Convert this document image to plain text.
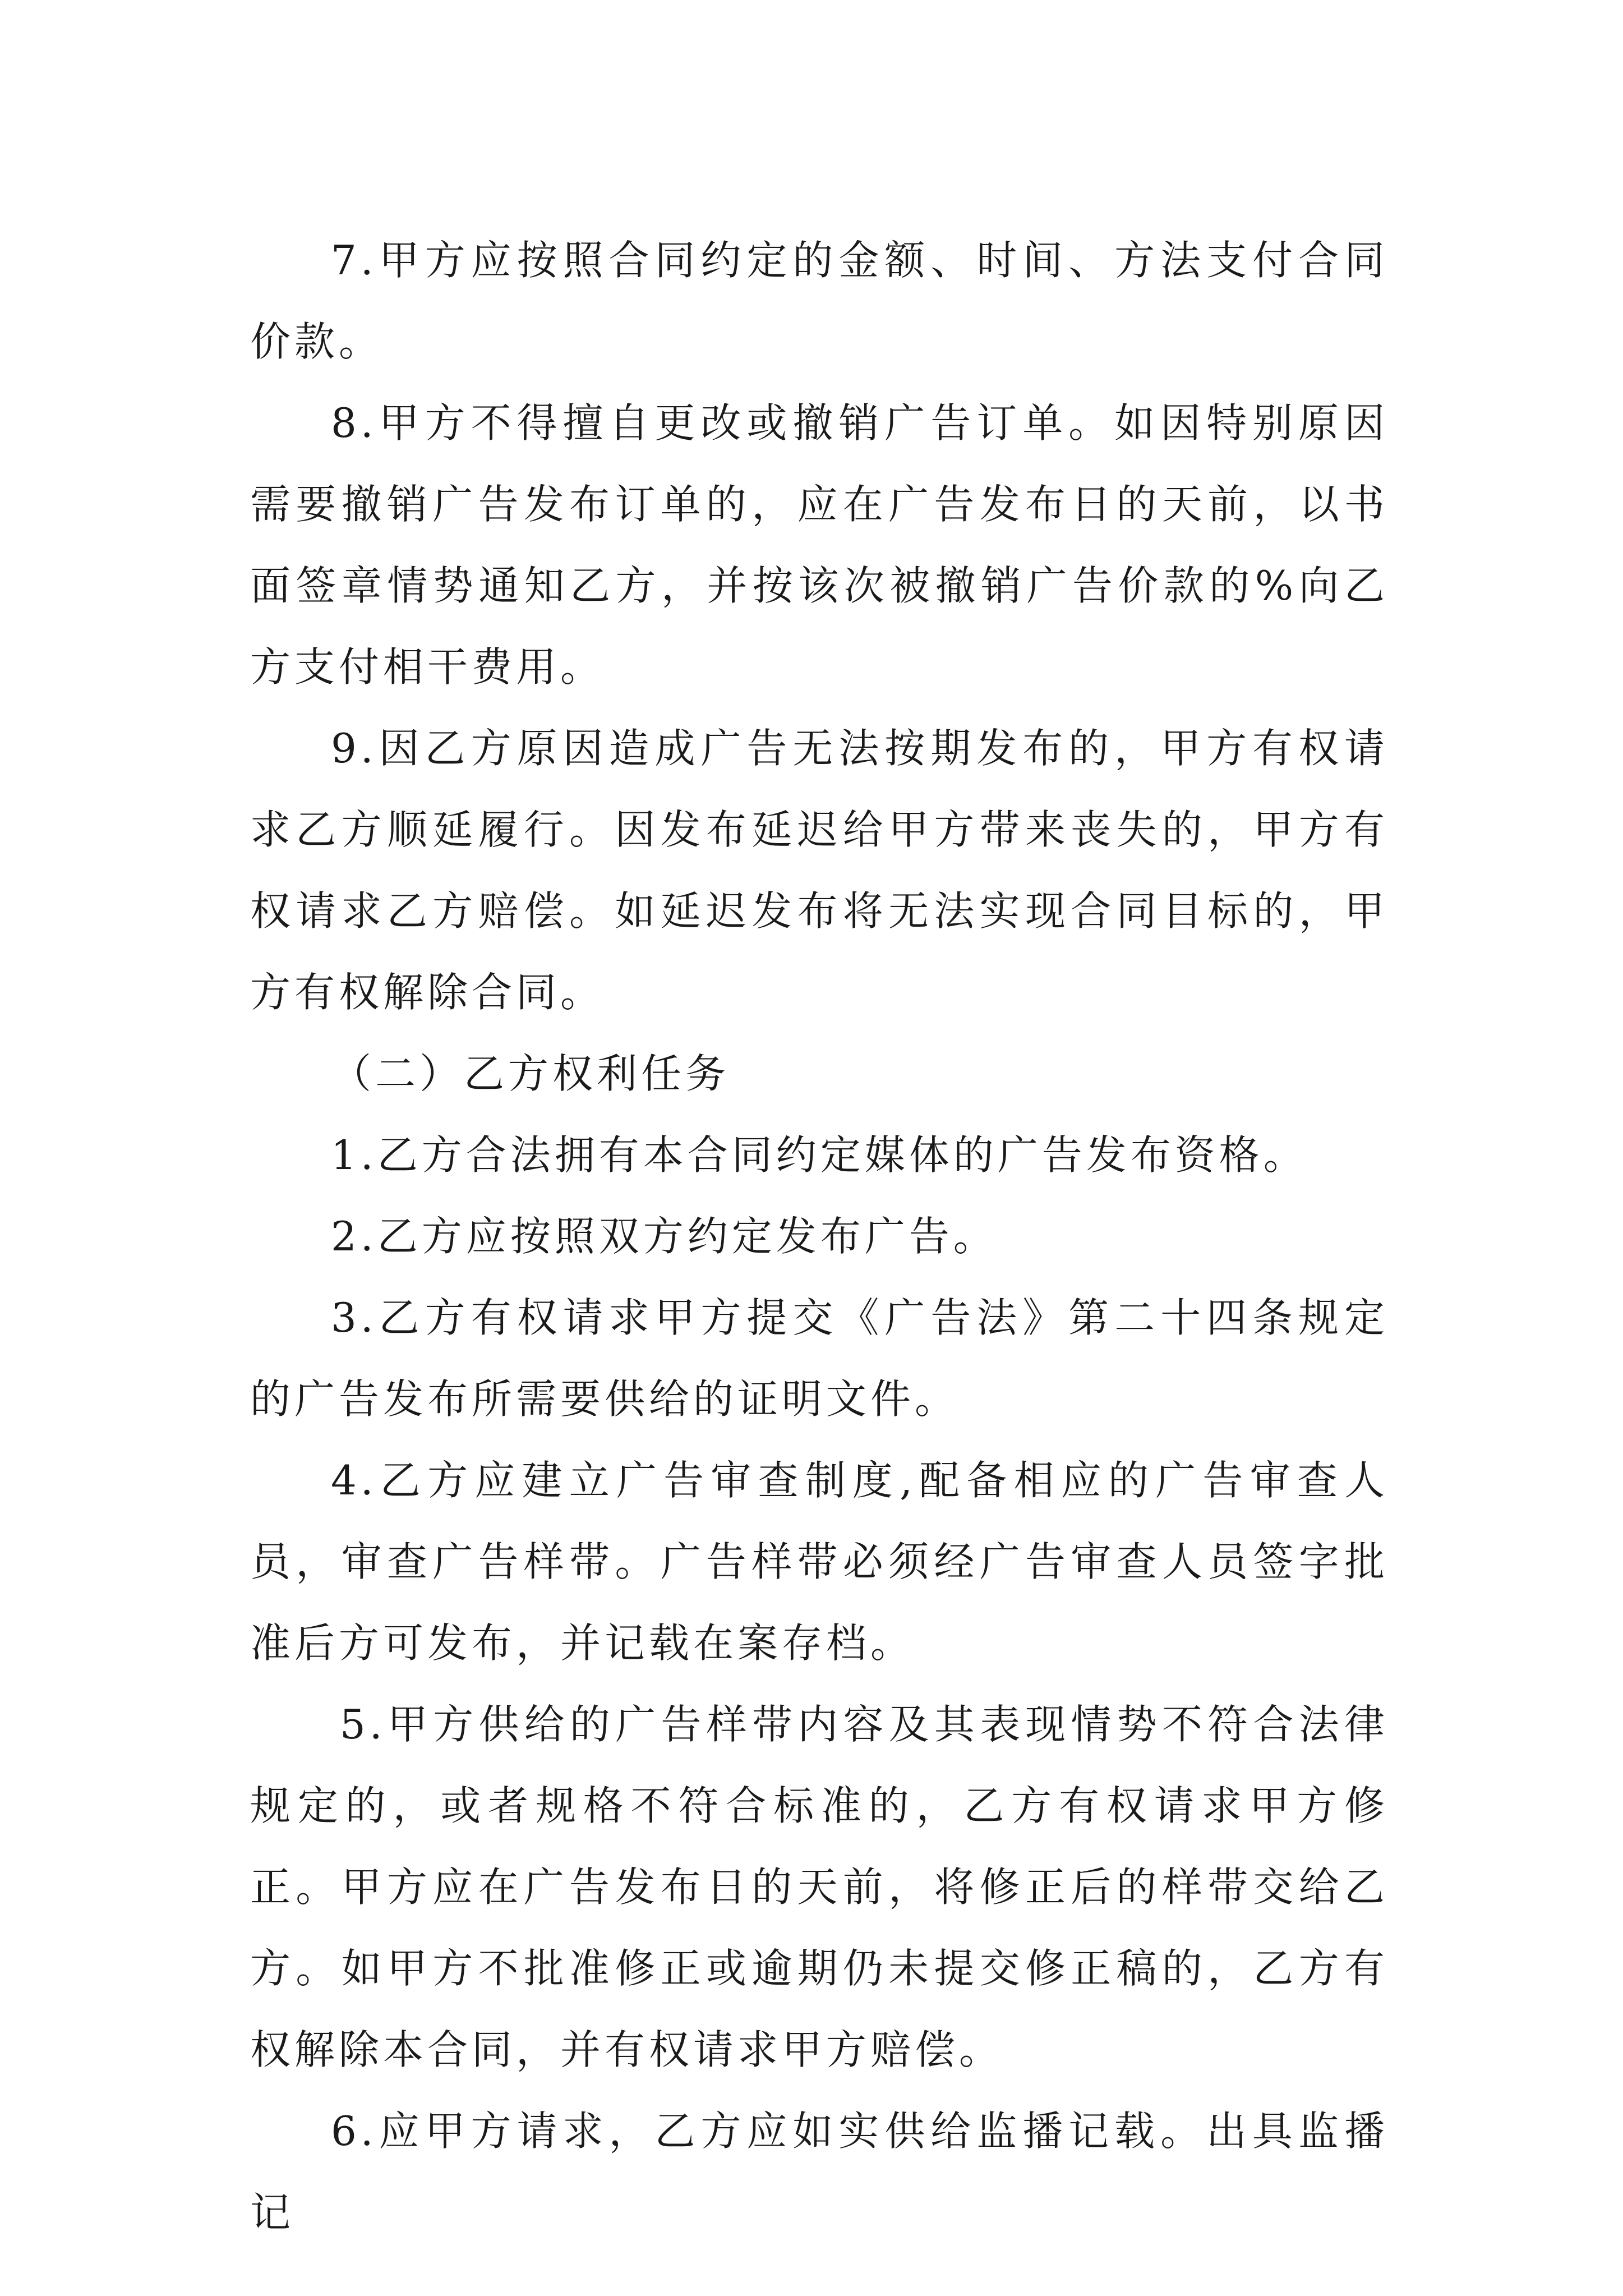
7.甲方应按照合同约定的金额、时间、方法支付合同价款。

8.甲方不得擅自更改或撤销广告订单。如因特别原因需要撤销广告发布订单的，应在广告发布日的天前，以书面签章情势通知乙方，并按该次被撤销广告价款的%向乙方支付相干费用。

9.因乙方原因造成广告无法按期发布的，甲方有权请求乙方顺延履行。因发布延迟给甲方带来丧失的，甲方有权请求乙方赔偿。如延迟发布将无法实现合同目标的，甲方有权解除合同。

（二）乙方权利任务

1.乙方合法拥有本合同约定媒体的广告发布资格。

2.乙方应按照双方约定发布广告。

3.乙方有权请求甲方提交《广告法》第二十四条规定的广告发布所需要供给的证明文件。

4.乙方应建立广告审查制度,配备相应的广告审查人员，审查广告样带。广告样带必须经广告审查人员签字批准后方可发布，并记载在案存档。

5.甲方供给的广告样带内容及其表现情势不符合法律规定的，或者规格不符合标准的，乙方有权请求甲方修正。甲方应在广告发布日的天前，将修正后的样带交给乙方。如甲方不批准修正或逾期仍未提交修正稿的，乙方有权解除本合同，并有权请求甲方赔偿。

6.应甲方请求，乙方应如实供给监播记载。出具监播记
